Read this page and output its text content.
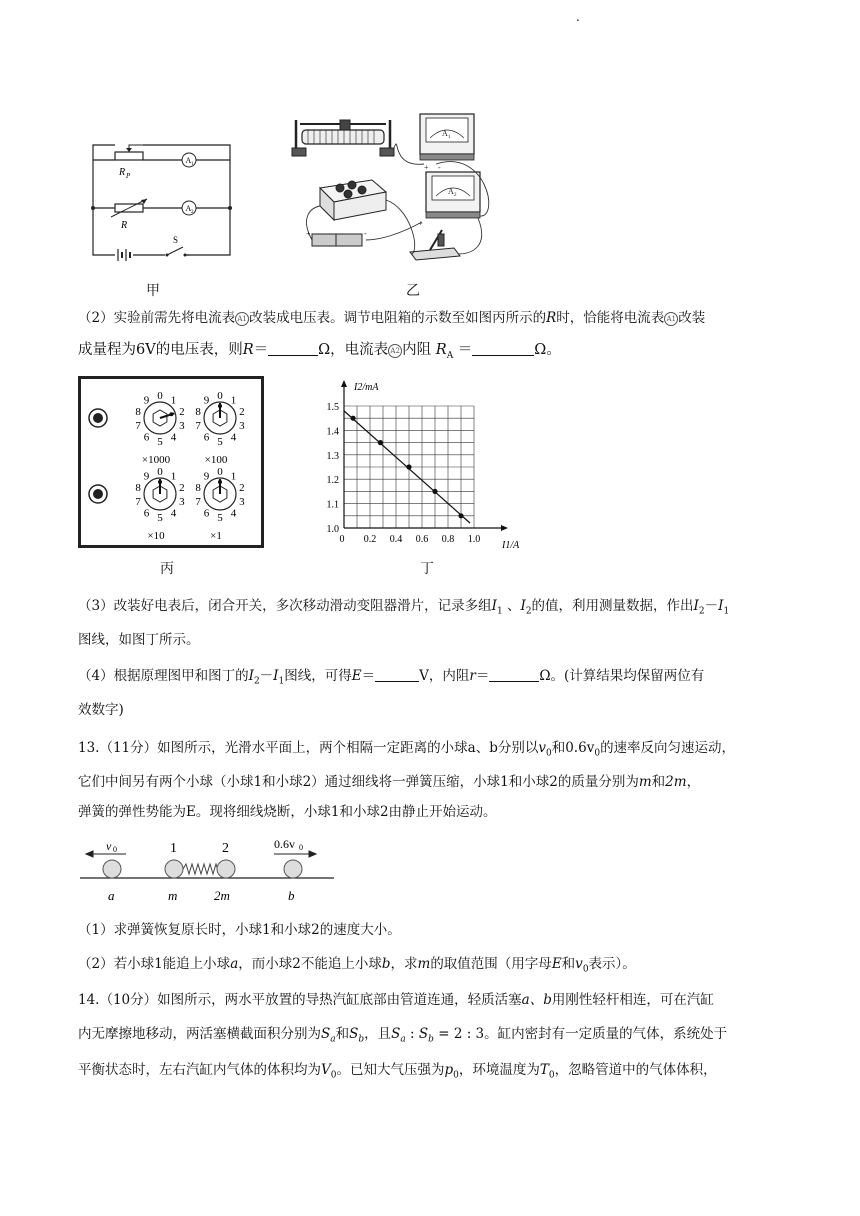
.
R P
A 1
R
A 2
S
甲
A 1
+ -
A 2
+
+	-
乙
（2）实验前需先将电流表 A1 改装成电压表。调节电阻箱的示数至如图丙所示的R时，恰能将电流表 A1 改装
成量程为6V的电压表，则R＝	Ω，电流表 A2 内阻 $R_A$ ＝	Ω。
0 1
2
3
4
5
6
7
8
9
×1000
0 1
2
3
4
5
6
7
8
9
×100
0 1
2
3
4
5
6
7
8
9
×10
0 1
2
3
4
5
6
7
8
9
×1
丙
0 0.2 0.4 0.6 0.8 1.0
1.0
1.1
1.2
1.3
1.4
1.5
I2/mA
I1/A
丁
（3）改装好电表后，闭合开关，多次移动滑动变阻器滑片，记录多组$I_1$ 、$I_2$的值，利用测量数据，作出$I_2-I_1$
图线，如图丁所示。
（4）根据原理图甲和图丁的$I_2-I_1$图线，可得E＝	V，内阻r＝	Ω。(计算结果均保留两位有
效数字)
13.（11分）如图所示，光滑水平面上，两个相隔一定距离的小球a、b分别以$v_0$和$0.6v_0$的速率反向匀速运动，
它们中间另有两个小球（小球1和小球2）通过细线将一弹簧压缩，小球1和小球2的质量分别为m和2m，
弹簧的弹性势能为E。现将细线烧断，小球1和小球2由静止开始运动。
v 0	1	2	0.6v 0
a	m	2m	b
（1）求弹簧恢复原长时，小球1和小球2的速度大小。
（2）若小球1能追上小球a，而小球2不能追上小球b，求m的取值范围（用字母E和$v_0$表示）。
14.（10分）如图所示，两水平放置的导热汽缸底部由管道连通，轻质活塞a、b用刚性轻杆相连，可在汽缸
内无摩擦地移动，两活塞横截面积分别为$S_a$和$S_b$，且$S_a$ : $S_b = 2$ : 3。缸内密封有一定质量的气体，系统处于
平衡状态时，左右汽缸内气体的体积均为$V_0$。已知大气压强为$p_0$，环境温度为$T_0$，忽略管道中的气体体积，
